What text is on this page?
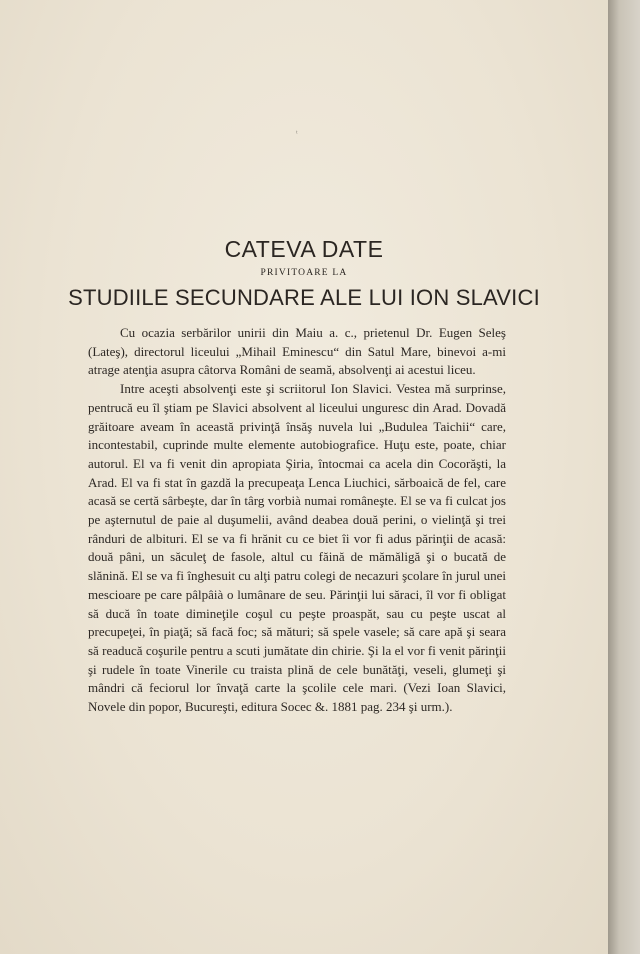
ᵗ
CATEVA DATE
PRIVITOARE LA
STUDIILE SECUNDARE ALE LUI ION SLAVICI

Cu ocazia serbărilor unirii din Maiu a. c., prietenul Dr. Eugen Seleş (Lateş), directorul liceului „Mihail Eminescu“ din Satul Mare, binevoi a-mi atrage atenţia asupra câtorva Români de seamă, absolvenţi ai acestui liceu.

Intre aceşti absolvenţi este şi scriitorul Ion Slavici. Vestea mă surprinse, pentrucă eu îl ştiam pe Slavici absolvent al liceului unguresc din Arad. Dovadă grăitoare aveam în această privinţă însăş nuvela lui „Budulea Taichii“ care, incontestabil, cuprinde multe elemente autobiografice. Huţu este, poate, chiar autorul. El va fi venit din apropiata Şiria, întocmai ca acela din Cocorăşti, la Arad. El va fi stat în gazdă la precupeaţa Lenca Liuchici, sărboaică de fel, care acasă se certă sârbeşte, dar în târg vorbià numai româneşte. El se va fi culcat jos pe aşternutul de paie al duşumelii, având deabea două perini, o vielinţă şi trei rânduri de albituri. El se va fi hrănit cu ce biet îi vor fi adus părinţii de acasă: două pâni, un săculeţ de fasole, altul cu făină de mămăligă şi o bucată de slănină. El se va fi înghesuit cu alţi patru colegi de necazuri şcolare în jurul unei mescioare pe care pâlpâià o lumânare de seu. Părinţii lui săraci, îl vor fi obligat să ducă în toate dimineţile coşul cu peşte proaspăt, sau cu peşte uscat al precupeţei, în piaţă; să facă foc; să mături; să spele vasele; să care apă şi seara să readucă coşurile pentru a scuti jumătate din chirie. Şi la el vor fi venit părinţii şi rudele în toate Vinerile cu traista plină de cele bunătăţi, veseli, glumeţi şi mândri că feciorul lor învaţă carte la şcolile cele mari. (Vezi Ioan Slavici, Novele din popor, Bucureşti, editura Socec &. 1881 pag. 234 şi urm.).
